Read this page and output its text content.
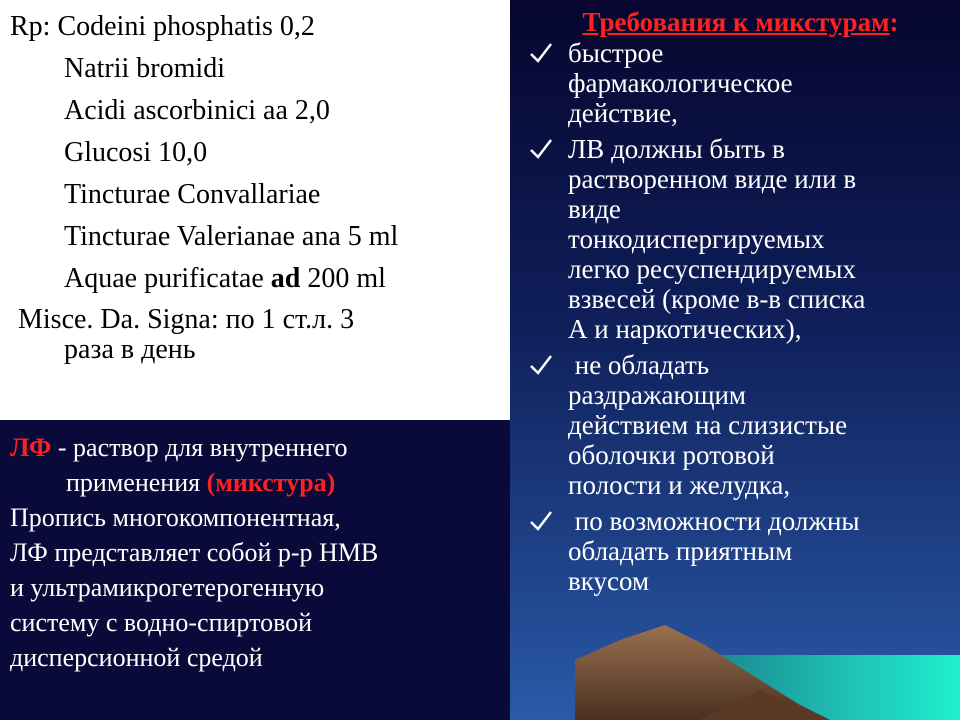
Rp: Codeini phosphatis 0,2
Natrii bromidi
Acidi ascorbinici aa 2,0
Glucosi 10,0
Tincturae Convallariae
Tincturae Valerianae ana 5 ml
Aquae purificatae ad 200 ml
Misce. Da. Signa: по 1 ст.л. 3
раза в день
ЛФ - раствор для внутреннего
применения (микстура)
Пропись многокомпонентная,
ЛФ представляет собой р-р НМВ
и ультрамикрогетерогенную
систему с водно-спиртовой
дисперсионной средой
Требования к микстурам:
быстрое
фармакологическое
действие,
ЛВ должны быть в
растворенном виде или в
виде
тонкодиспергируемых
легко ресуспендируемых
взвесей (кроме в-в списка
А и наркотических),
не обладать
раздражающим
действием на слизистые
оболочки ротовой
полости и желудка,
по возможности должны
обладать приятным
вкусом
